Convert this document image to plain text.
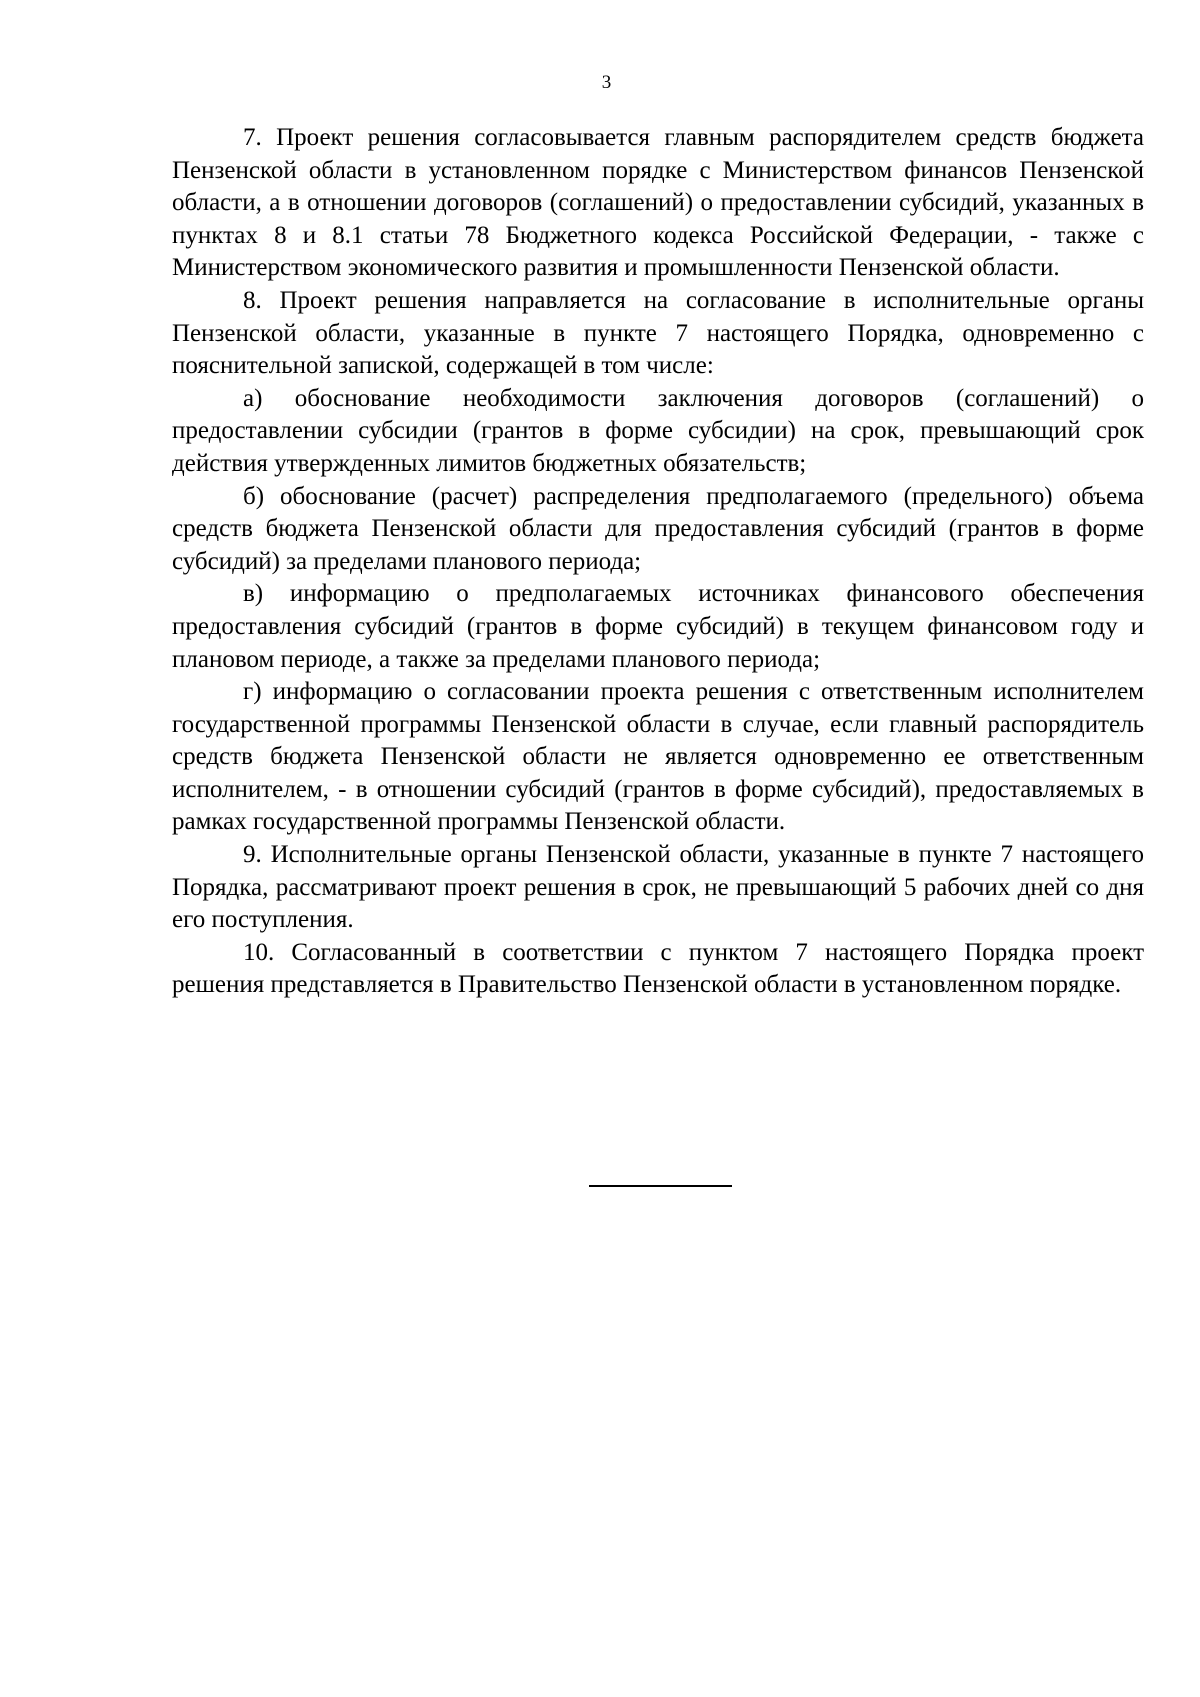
3

7. Проект решения согласовывается главным распорядителем средств бюджета Пензенской области в установленном порядке с Министерством финансов Пензенской области, а в отношении договоров (соглашений) о предоставлении субсидий, указанных в пунктах 8 и 8.1 статьи 78 Бюджетного кодекса Российской Федерации, - также с Министерством экономического развития и промышленности Пензенской области.

8. Проект решения направляется на согласование в исполнительные органы Пензенской области, указанные в пункте 7 настоящего Порядка, одновременно с пояснительной запиской, содержащей в том числе:

а) обоснование необходимости заключения договоров (соглашений) о предоставлении субсидии (грантов в форме субсидии) на срок, превышающий срок действия утвержденных лимитов бюджетных обязательств;

б) обоснование (расчет) распределения предполагаемого (предельного) объема средств бюджета Пензенской области для предоставления субсидий (грантов в форме субсидий) за пределами планового периода;

в) информацию о предполагаемых источниках финансового обеспечения предоставления субсидий (грантов в форме субсидий) в текущем финансовом году и плановом периоде, а также за пределами планового периода;

г) информацию о согласовании проекта решения с ответственным исполнителем государственной программы Пензенской области в случае, если главный распорядитель средств бюджета Пензенской области не является одновременно ее ответственным исполнителем, - в отношении субсидий (грантов в форме субсидий), предоставляемых в рамках государственной программы Пензенской области.

9. Исполнительные органы Пензенской области, указанные в пункте 7 настоящего Порядка, рассматривают проект решения в срок, не превышающий 5 рабочих дней со дня его поступления.

10. Согласованный в соответствии с пунктом 7 настоящего Порядка проект решения представляется в Правительство Пензенской области в установленном порядке.
